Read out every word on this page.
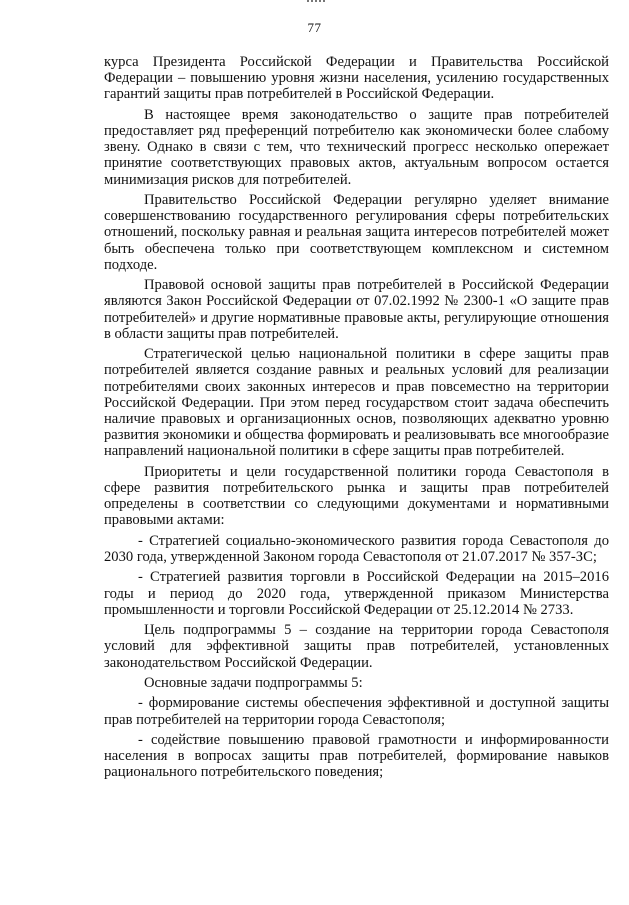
77

курса Президента Российской Федерации и Правительства Российской Федерации – повышению уровня жизни населения, усилению государственных гарантий защиты прав потребителей в Российской Федерации.

В настоящее время законодательство о защите прав потребителей предоставляет ряд преференций потребителю как экономически более слабому звену. Однако в связи с тем, что технический прогресс несколько опережает принятие соответствующих правовых актов, актуальным вопросом остается минимизация рисков для потребителей.

Правительство Российской Федерации регулярно уделяет внимание совершенствованию государственного регулирования сферы потребительских отношений, поскольку равная и реальная защита интересов потребителей может быть обеспечена только при соответствующем комплексном и системном подходе.

Правовой основой защиты прав потребителей в Российской Федерации являются Закон Российской Федерации от 07.02.1992 № 2300-1 «О защите прав потребителей» и другие нормативные правовые акты, регулирующие отношения в области защиты прав потребителей.

Стратегической целью национальной политики в сфере защиты прав потребителей является создание равных и реальных условий для реализации потребителями своих законных интересов и прав повсеместно на территории Российской Федерации. При этом перед государством стоит задача обеспечить наличие правовых и организационных основ, позволяющих адекватно уровню развития экономики и общества формировать и реализовывать все многообразие направлений национальной политики в сфере защиты прав потребителей.

Приоритеты и цели государственной политики города Севастополя в сфере развития потребительского рынка и защиты прав потребителей определены в соответствии со следующими документами и нормативными правовыми актами:

- Стратегией социально-экономического развития города Севастополя до 2030 года, утвержденной Законом города Севастополя от 21.07.2017 № 357-ЗС;

- Стратегией развития торговли в Российской Федерации на 2015–2016 годы и период до 2020 года, утвержденной приказом Министерства промышленности и торговли Российской Федерации от 25.12.2014 № 2733.

Цель подпрограммы 5 – создание на территории города Севастополя условий для эффективной защиты прав потребителей, установленных законодательством Российской Федерации.

Основные задачи подпрограммы 5:

- формирование системы обеспечения эффективной и доступной защиты прав потребителей на территории города Севастополя;

- содействие повышению правовой грамотности и информированности населения в вопросах защиты прав потребителей, формирование навыков рационального потребительского поведения;
